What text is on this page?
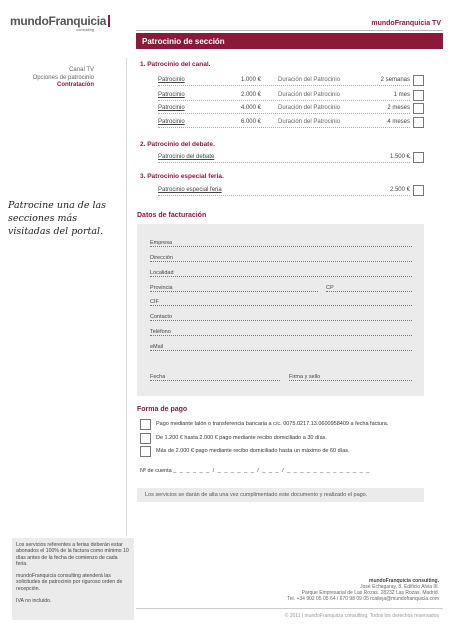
mundoFranquicia
consulting
mundoFranquicia TV
Patrocinio de sección
Canal TV
Opciones de patrocinio
Contratación
1. Patrocinio del canal.
Patrocinio	1.000 €	Duración del Patrocinio	2 semanas
Patrocinio	2.000 €	Duración del Patrocinio	1 mes
Patrocinio	4.000 €	Duración del Patrocinio	2 meses
Patrocinio	6.000 €	Duración del Patrocinio	4 meses
2. Patrocinio del debate.
Patrocinio del debate	1.500 €
3. Patrocinio especial feria.
Patrocinio especial feria	2.500 €
Patrocine una de las secciones más visitadas del portal.
Datos de facturación
Empresa
Dirección
Localidad
Provincia	CP
CIF
Contacto
Teléfono
eMail
Fecha	Firma y sello
Forma de pago
Pago mediante talón o transferencia bancaria a c/c. 0075.0217.13.0600958409 a fecha factura.
De 1.200 € hasta 2.000 € pago mediante recibo domiciliado a 30 días.
Más de 2.000 € pago mediante recibo domiciliado hasta un máximo de 60 días.
Nº de cuenta _ _ _ _ _ _ / _ _ _ _ _ _ / _ _ _ / _ _ _ _ _ _ _ _ _ _ _ _ _
Los servicios se darán de alta una vez cumplimentado este documento y realizado el pago.

Los servicios referentes a ferias deberán estar abonados el 100% de la factura como mínimo 10 días antes de la fecha de comienzo de cada feria.

mundoFranquicia consulting atenderá las solicitudes de patrocinio por riguroso orden de recepción.

IVA no incluido.

mundoFranquicia consulting.
José Echegaray, 8, Edificio Alvia III.
Parque Empresarial de Las Rozas. 28232 Las Rozas. Madrid.
Tel. +34 902 05 05 64 / 670 98 09 05 rcalleja@mundofranquicia.com
© 2011 | mundoFranquicia consulting. Todos los derechos reservados
